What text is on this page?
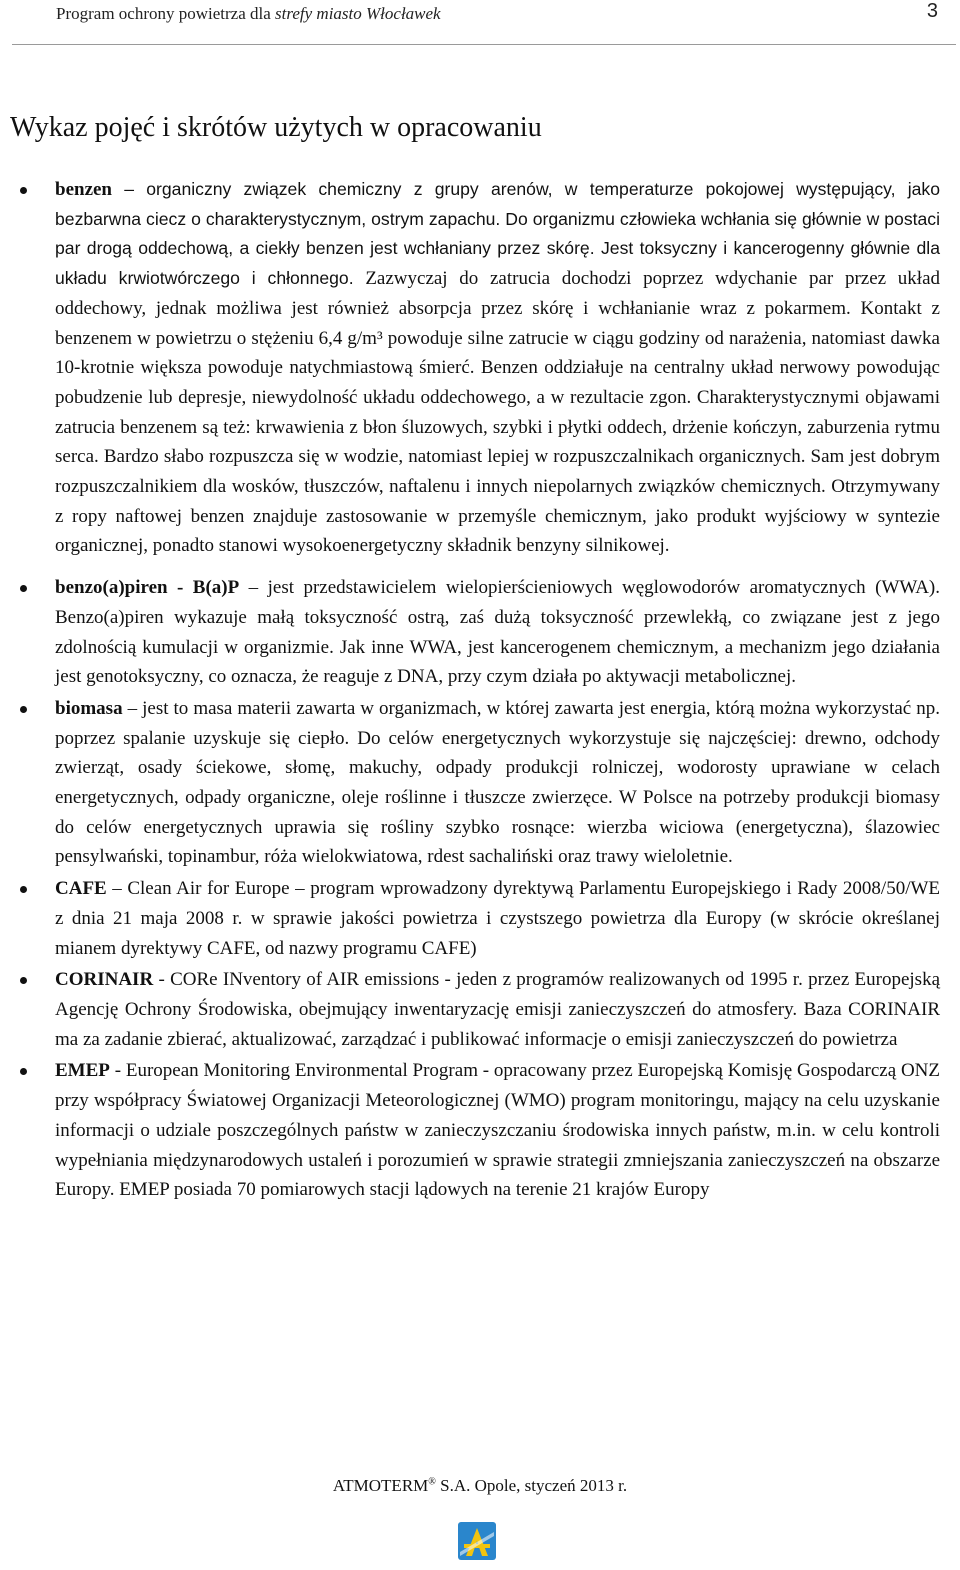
Program ochrony powietrza dla strefy miasto Włocławek	3
Wykaz pojęć i skrótów użytych w opracowaniu
benzen – organiczny związek chemiczny z grupy arenów, w temperaturze pokojowej występujący, jako bezbarwna ciecz o charakterystycznym, ostrym zapachu. Do organizmu człowieka wchłania się głównie w postaci par drogą oddechową, a ciekły benzen jest wchłaniany przez skórę. Jest toksyczny i kancerogenny głównie dla układu krwiotwórczego i chłonnego. Zazwyczaj do zatrucia dochodzi poprzez wdychanie par przez układ oddechowy, jednak możliwa jest również absorpcja przez skórę i wchłanianie wraz z pokarmem. Kontakt z benzenem w powietrzu o stężeniu 6,4 g/m³ powoduje silne zatrucie w ciągu godziny od narażenia, natomiast dawka 10-krotnie większa powoduje natychmiastową śmierć. Benzen oddziałuje na centralny układ nerwowy powodując pobudzenie lub depresje, niewydolność układu oddechowego, a w rezultacie zgon. Charakterystycznymi objawami zatrucia benzenem są też: krwawienia z błon śluzowych, szybki i płytki oddech, drżenie kończyn, zaburzenia rytmu serca. Bardzo słabo rozpuszcza się w wodzie, natomiast lepiej w rozpuszczalnikach organicznych. Sam jest dobrym rozpuszczalnikiem dla wosków, tłuszczów, naftalenu i innych niepolarnych związków chemicznych. Otrzymywany z ropy naftowej benzen znajduje zastosowanie w przemyśle chemicznym, jako produkt wyjściowy w syntezie organicznej, ponadto stanowi wysokoenergetyczny składnik benzyny silnikowej.
benzo(a)piren - B(a)P – jest przedstawicielem wielopierścieniowych węglowodorów aromatycznych (WWA). Benzo(a)piren wykazuje małą toksyczność ostrą, zaś dużą toksyczność przewlekłą, co związane jest z jego zdolnością kumulacji w organizmie. Jak inne WWA, jest kancerogenem chemicznym, a mechanizm jego działania jest genotoksyczny, co oznacza, że reaguje z DNA, przy czym działa po aktywacji metabolicznej.
biomasa – jest to masa materii zawarta w organizmach, w której zawarta jest energia, którą można wykorzystać np. poprzez spalanie uzyskuje się ciepło. Do celów energetycznych wykorzystuje się najczęściej: drewno, odchody zwierząt, osady ściekowe, słomę, makuchy, odpady produkcji rolniczej, wodorosty uprawiane w celach energetycznych, odpady organiczne, oleje roślinne i tłuszcze zwierzęce. W Polsce na potrzeby produkcji biomasy do celów energetycznych uprawia się rośliny szybko rosnące: wierzba wiciowa (energetyczna), ślazowiec pensylwański, topinambur, róża wielokwiatowa, rdest sachaliński oraz trawy wieloletnie.
CAFE – Clean Air for Europe – program wprowadzony dyrektywą Parlamentu Europejskiego i Rady 2008/50/WE z dnia 21 maja 2008 r. w sprawie jakości powietrza i czystszego powietrza dla Europy (w skrócie określanej mianem dyrektywy CAFE, od nazwy programu CAFE)
CORINAIR - CORe INventory of AIR emissions - jeden z programów realizowanych od 1995 r. przez Europejską Agencję Ochrony Środowiska, obejmujący inwentaryzację emisji zanieczyszczeń do atmosfery. Baza CORINAIR ma za zadanie zbierać, aktualizować, zarządzać i publikować informacje o emisji zanieczyszczeń do powietrza
EMEP - European Monitoring Environmental Program - opracowany przez Europejską Komisję Gospodarczą ONZ przy współpracy Światowej Organizacji Meteorologicznej (WMO) program monitoringu, mający na celu uzyskanie informacji o udziale poszczególnych państw w zanieczyszczaniu środowiska innych państw, m.in. w celu kontroli wypełniania międzynarodowych ustaleń i porozumień w sprawie strategii zmniejszania zanieczyszczeń na obszarze Europy. EMEP posiada 70 pomiarowych stacji lądowych na terenie 21 krajów Europy
ATMOTERM® S.A. Opole, styczeń 2013 r.
